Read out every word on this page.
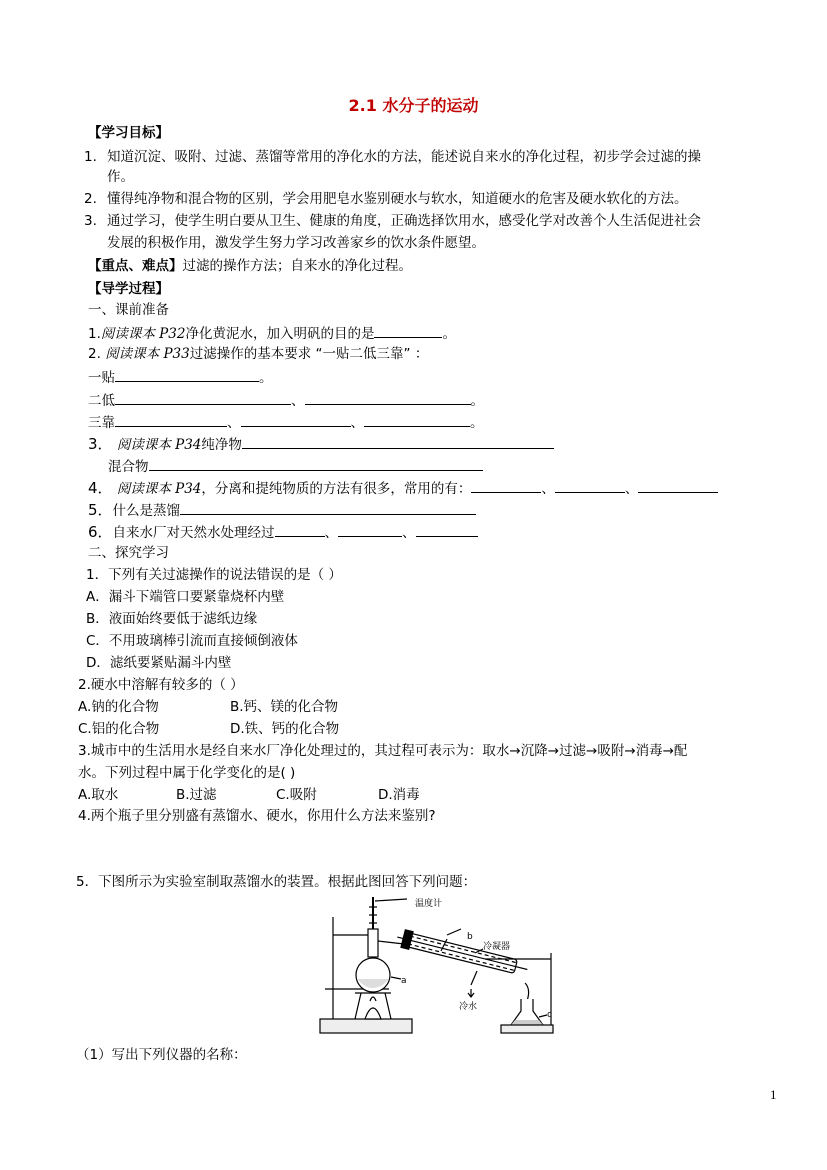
2.1 水分子的运动
【学习目标】
1. 知道沉淀、吸附、过滤、蒸馏等常用的净化水的方法，能述说自来水的净化过程，初步学会过滤的操
作。
2. 懂得纯净物和混合物的区别，学会用肥皂水鉴别硬水与软水，知道硬水的危害及硬水软化的方法。
3. 通过学习，使学生明白要从卫生、健康的角度，正确选择饮用水，感受化学对改善个人生活促进社会
发展的积极作用，激发学生努力学习改善家乡的饮水条件愿望。
【重点、难点】过滤的操作方法；自来水的净化过程。
【导学过程】
一、课前准备
1.阅读课本 P32净化黄泥水，加入明矾的目的是	。
2. 阅读课本 P33过滤操作的基本要求 “一贴二低三靠” ：
一贴	。
二低	、	。
三靠	、	、	。
3． 阅读课本 P34纯净物
混合物
4． 阅读课本 P34，分离和提纯物质的方法有很多，常用的有：	、	、
5．什么是蒸馏
6．自来水厂对天然水处理经过	、	、
二、探究学习
1．下列有关过滤操作的说法错误的是（ ）
A．漏斗下端管口要紧靠烧杯内壁
B．液面始终要低于滤纸边缘
C．不用玻璃棒引流而直接倾倒液体
D．滤纸要紧贴漏斗内壁
2.硬水中溶解有较多的（ ）
A.钠的化合物	B.钙、镁的化合物
C.铝的化合物	D.铁、钙的化合物
3.城市中的生活用水是经自来水厂净化处理过的，其过程可表示为：取水→沉降→过滤→吸附→消毒→配
水。下列过程中属于化学变化的是( )
A.取水	B.过滤	C.吸附	D.消毒
4.两个瓶子里分别盛有蒸馏水、硬水，你用什么方法来鉴别?
5．下图所示为实验室制取蒸馏水的装置。根据此图回答下列问题：
温度计
a
b
冷凝器
冷水
c
（1）写出下列仪器的名称：
1
